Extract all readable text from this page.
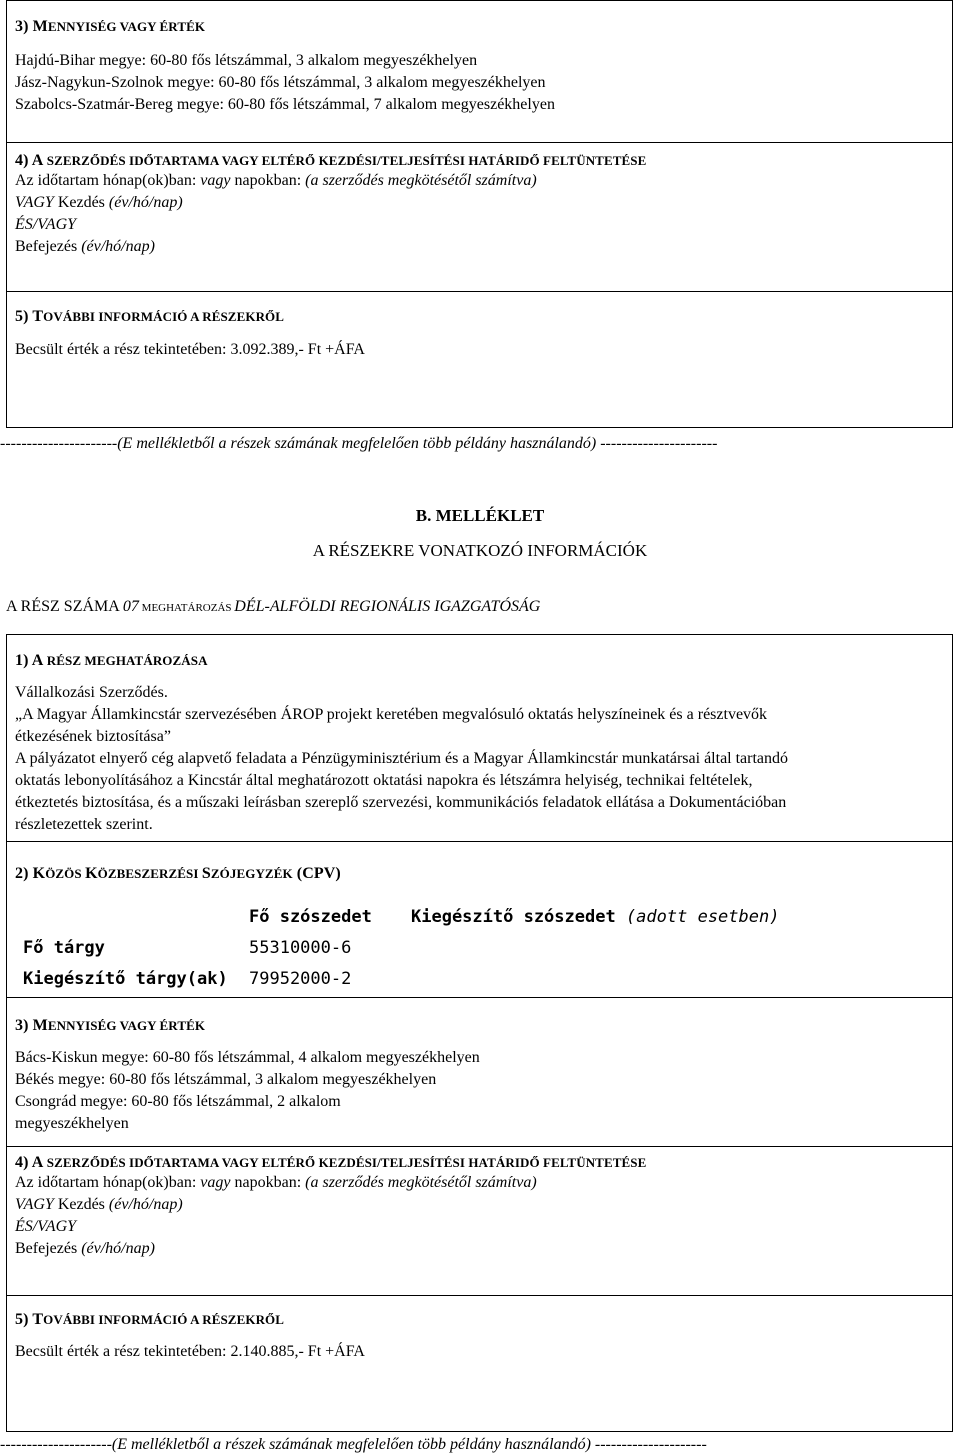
3) MENNYISÉG VAGY ÉRTÉK
Hajdú-Bihar megye: 60-80 fős létszámmal, 3 alkalom megyeszékhelyen
Jász-Nagykun-Szolnok megye: 60-80 fős létszámmal, 3 alkalom megyeszékhelyen
Szabolcs-Szatmár-Bereg megye: 60-80 fős létszámmal, 7 alkalom megyeszékhelyen
4) A SZERZŐDÉS IDŐTARTAMA VAGY ELTÉRŐ KEZDÉSI/TELJESÍTÉSI HATÁRIDŐ FELTÜNTETÉSE
Az időtartam hónap(ok)ban: vagy napokban: (a szerződés megkötésétől számítva)
VAGY Kezdés (év/hó/nap)
ÉS/VAGY
Befejezés (év/hó/nap)
5) TOVÁBBI INFORMÁCIÓ A RÉSZEKRŐL
Becsült érték a rész tekintetében: 3.092.389,- Ft +ÁFA
----------------------(E mellékletből a részek számának megfelelően több példány használandó) ----------------------
B. MELLÉKLET
A RÉSZEKRE VONATKOZÓ INFORMÁCIÓK
A RÉSZ SZÁMA 07 MEGHATÁROZÁS DÉL-ALFÖLDI REGIONÁLIS IGAZGATÓSÁG
1) A RÉSZ MEGHATÁROZÁSA
Vállalkozási Szerződés.
„A Magyar Államkincstár szervezésében ÁROP projekt keretében megvalósuló oktatás helyszíneinek és a résztvevők
étkezésének biztosítása”
A pályázatot elnyerő cég alapvető feladata a Pénzügyminisztérium és a Magyar Államkincstár munkatársai által tartandó
oktatás lebonyolításához a Kincstár által meghatározott oktatási napokra és létszámra helyiség, technikai feltételek,
étkeztetés biztosítása, és a műszaki leírásban szereplő szervezési, kommunikációs feladatok ellátása a Dokumentációban
részletezettek szerint.
2) KÖZÖS KÖZBESZERZÉSI SZÓJEGYZÉK (CPV)
Fő szószedet Kiegészítő szószedet (adott esetben)
Fő tárgy	55310000-6
Kiegészítő tárgy(ak) 79952000-2
3) MENNYISÉG VAGY ÉRTÉK
Bács-Kiskun megye: 60-80 fős létszámmal, 4 alkalom megyeszékhelyen
Békés megye: 60-80 fős létszámmal, 3 alkalom megyeszékhelyen
Csongrád megye: 60-80 fős létszámmal, 2 alkalom
megyeszékhelyen
4) A SZERZŐDÉS IDŐTARTAMA VAGY ELTÉRŐ KEZDÉSI/TELJESÍTÉSI HATÁRIDŐ FELTÜNTETÉSE
Az időtartam hónap(ok)ban: vagy napokban: (a szerződés megkötésétől számítva)
VAGY Kezdés (év/hó/nap)
ÉS/VAGY
Befejezés (év/hó/nap)
5) TOVÁBBI INFORMÁCIÓ A RÉSZEKRŐL
Becsült érték a rész tekintetében: 2.140.885,- Ft +ÁFA
---------------------(E mellékletből a részek számának megfelelően több példány használandó) ---------------------
